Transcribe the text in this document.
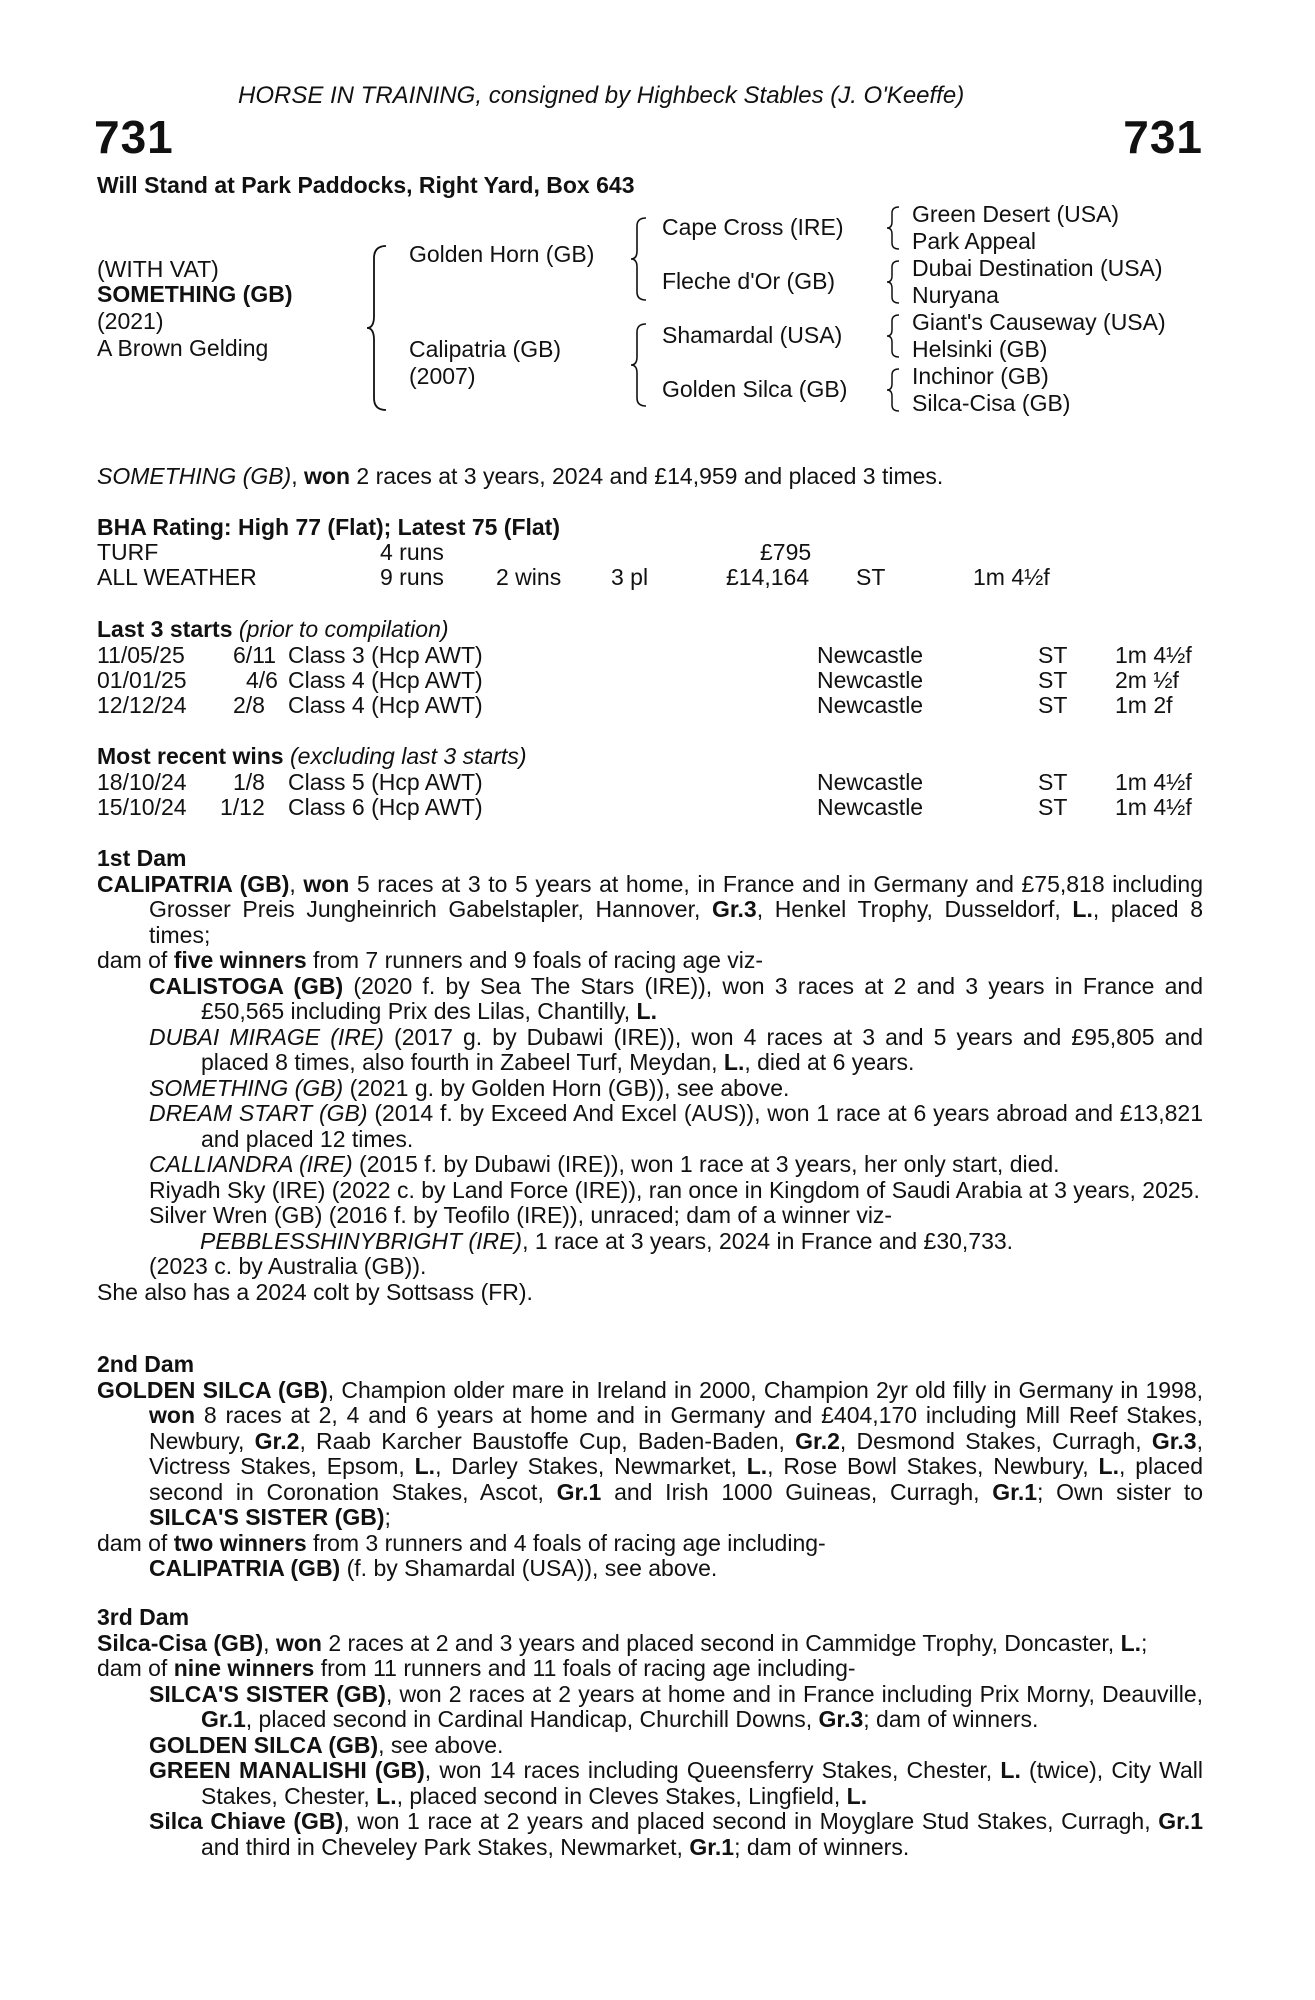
HORSE IN TRAINING, consigned by Highbeck Stables (J. O'Keeffe)
731	731
Will Stand at Park Paddocks, Right Yard, Box 643
(WITH VAT)
SOMETHING (GB)
(2021)
A Brown Gelding
Golden Horn (GB)
Calipatria (GB)
(2007)
Cape Cross (IRE)
Fleche d'Or (GB)
Shamardal (USA)
Golden Silca (GB)
Green Desert (USA)
Park Appeal
Dubai Destination (USA)
Nuryana
Giant's Causeway (USA)
Helsinki (GB)
Inchinor (GB)
Silca-Cisa (GB)
SOMETHING (GB), won 2 races at 3 years, 2024 and £14,959 and placed 3 times.
BHA Rating: High 77 (Flat); Latest 75 (Flat)
TURF	4 runs	£795
ALL WEATHER	9 runs 2 wins 3 pl	£14,164 ST	1m 4½f
Last 3 starts (prior to compilation)
11/05/25 6/11 Class 3 (Hcp AWT)	Newcastle	ST 1m 4½f
01/01/25	4/6 Class 4 (Hcp AWT)	Newcastle	ST 2m ½f
12/12/24 2/8 Class 4 (Hcp AWT)	Newcastle	ST 1m 2f
Most recent wins (excluding last 3 starts)
18/10/24 1/8 Class 5 (Hcp AWT)	Newcastle	ST 1m 4½f
15/10/24 1/12 Class 6 (Hcp AWT)	Newcastle	ST 1m 4½f

1st Dam

CALIPATRIA (GB), won 5 races at 3 to 5 years at home, in France and in Germany and £75,818 including Grosser Preis Jungheinrich Gabelstapler, Hannover, Gr.3, Henkel Trophy, Dusseldorf, L., placed 8 times;

dam of five winners from 7 runners and 9 foals of racing age viz-

CALISTOGA (GB) (2020 f. by Sea The Stars (IRE)), won 3 races at 2 and 3 years in France and £50,565 including Prix des Lilas, Chantilly, L.

DUBAI MIRAGE (IRE) (2017 g. by Dubawi (IRE)), won 4 races at 3 and 5 years and £95,805 and placed 8 times, also fourth in Zabeel Turf, Meydan, L., died at 6 years.

SOMETHING (GB) (2021 g. by Golden Horn (GB)), see above.

DREAM START (GB) (2014 f. by Exceed And Excel (AUS)), won 1 race at 6 years abroad and £13,821 and placed 12 times.

CALLIANDRA (IRE) (2015 f. by Dubawi (IRE)), won 1 race at 3 years, her only start, died.

Riyadh Sky (IRE) (2022 c. by Land Force (IRE)), ran once in Kingdom of Saudi Arabia at 3 years, 2025.

Silver Wren (GB) (2016 f. by Teofilo (IRE)), unraced; dam of a winner viz-

PEBBLESSHINYBRIGHT (IRE), 1 race at 3 years, 2024 in France and £30,733.

(2023 c. by Australia (GB)).

She also has a 2024 colt by Sottsass (FR).

2nd Dam

GOLDEN SILCA (GB), Champion older mare in Ireland in 2000, Champion 2yr old filly in Germany in 1998, won 8 races at 2, 4 and 6 years at home and in Germany and £404,170 including Mill Reef Stakes, Newbury, Gr.2, Raab Karcher Baustoffe Cup, Baden-Baden, Gr.2, Desmond Stakes, Curragh, Gr.3, Victress Stakes, Epsom, L., Darley Stakes, Newmarket, L., Rose Bowl Stakes, Newbury, L., placed second in Coronation Stakes, Ascot, Gr.1 and Irish 1000 Guineas, Curragh, Gr.1; Own sister to SILCA'S SISTER (GB);

dam of two winners from 3 runners and 4 foals of racing age including-

CALIPATRIA (GB) (f. by Shamardal (USA)), see above.

3rd Dam

Silca-Cisa (GB), won 2 races at 2 and 3 years and placed second in Cammidge Trophy, Doncaster, L.;

dam of nine winners from 11 runners and 11 foals of racing age including-

SILCA'S SISTER (GB), won 2 races at 2 years at home and in France including Prix Morny, Deauville, Gr.1, placed second in Cardinal Handicap, Churchill Downs, Gr.3; dam of winners.

GOLDEN SILCA (GB), see above.

GREEN MANALISHI (GB), won 14 races including Queensferry Stakes, Chester, L. (twice), City Wall Stakes, Chester, L., placed second in Cleves Stakes, Lingfield, L.

Silca Chiave (GB), won 1 race at 2 years and placed second in Moyglare Stud Stakes, Curragh, Gr.1 and third in Cheveley Park Stakes, Newmarket, Gr.1; dam of winners.
